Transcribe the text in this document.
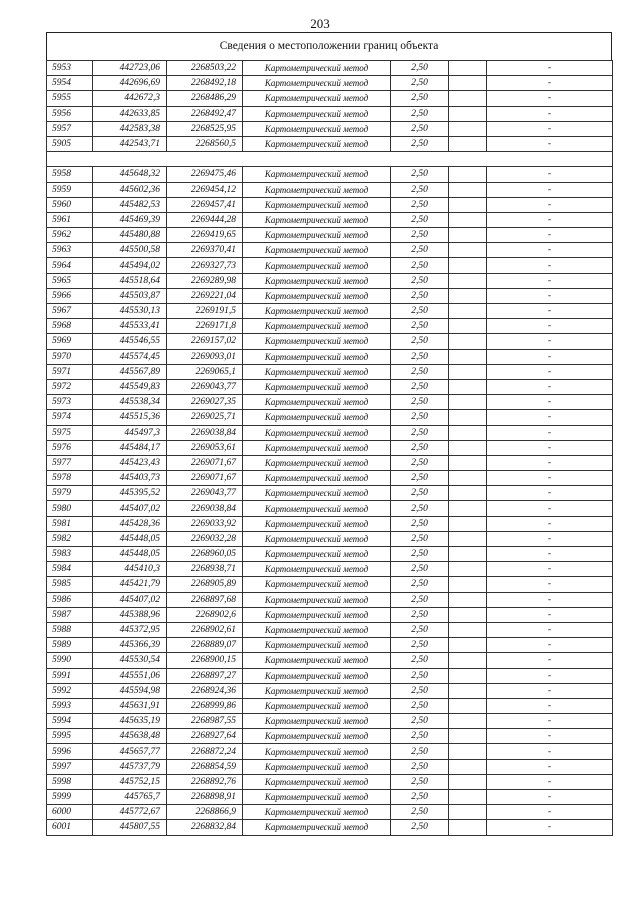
203
Сведения о местоположении границ объекта
5953	442723,06	2268503,22	Картометрический метод	2,50		-
5954	442696,69	2268492,18	Картометрический метод	2,50		-
5955	442672,3	2268486,29	Картометрический метод	2,50		-
5956	442633,85	2268492,47	Картометрический метод	2,50		-
5957	442583,38	2268525,95	Картометрический метод	2,50		-
5905	442543,71	2268560,5	Картометрический метод	2,50		-

5958	445648,32	2269475,46	Картометрический метод	2,50		-
5959	445602,36	2269454,12	Картометрический метод	2,50		-
5960	445482,53	2269457,41	Картометрический метод	2,50		-
5961	445469,39	2269444,28	Картометрический метод	2,50		-
5962	445480,88	2269419,65	Картометрический метод	2,50		-
5963	445500,58	2269370,41	Картометрический метод	2,50		-
5964	445494,02	2269327,73	Картометрический метод	2,50		-
5965	445518,64	2269289,98	Картометрический метод	2,50		-
5966	445503,87	2269221,04	Картометрический метод	2,50		-
5967	445530,13	2269191,5	Картометрический метод	2,50		-
5968	445533,41	2269171,8	Картометрический метод	2,50		-
5969	445546,55	2269157,02	Картометрический метод	2,50		-
5970	445574,45	2269093,01	Картометрический метод	2,50		-
5971	445567,89	2269065,1	Картометрический метод	2,50		-
5972	445549,83	2269043,77	Картометрический метод	2,50		-
5973	445538,34	2269027,35	Картометрический метод	2,50		-
5974	445515,36	2269025,71	Картометрический метод	2,50		-
5975	445497,3	2269038,84	Картометрический метод	2,50		-
5976	445484,17	2269053,61	Картометрический метод	2,50		-
5977	445423,43	2269071,67	Картометрический метод	2,50		-
5978	445403,73	2269071,67	Картометрический метод	2,50		-
5979	445395,52	2269043,77	Картометрический метод	2,50		-
5980	445407,02	2269038,84	Картометрический метод	2,50		-
5981	445428,36	2269033,92	Картометрический метод	2,50		-
5982	445448,05	2269032,28	Картометрический метод	2,50		-
5983	445448,05	2268960,05	Картометрический метод	2,50		-
5984	445410,3	2268938,71	Картометрический метод	2,50		-
5985	445421,79	2268905,89	Картометрический метод	2,50		-
5986	445407,02	2268897,68	Картометрический метод	2,50		-
5987	445388,96	2268902,6	Картометрический метод	2,50		-
5988	445372,95	2268902,61	Картометрический метод	2,50		-
5989	445366,39	2268889,07	Картометрический метод	2,50		-
5990	445530,54	2268900,15	Картометрический метод	2,50		-
5991	445551,06	2268897,27	Картометрический метод	2,50		-
5992	445594,98	2268924,36	Картометрический метод	2,50		-
5993	445631,91	2268999,86	Картометрический метод	2,50		-
5994	445635,19	2268987,55	Картометрический метод	2,50		-
5995	445638,48	2268927,64	Картометрический метод	2,50		-
5996	445657,77	2268872,24	Картометрический метод	2,50		-
5997	445737,79	2268854,59	Картометрический метод	2,50		-
5998	445752,15	2268892,76	Картометрический метод	2,50		-
5999	445765,7	2268898,91	Картометрический метод	2,50		-
6000	445772,67	2268866,9	Картометрический метод	2,50		-
6001	445807,55	2268832,84	Картометрический метод	2,50		-
